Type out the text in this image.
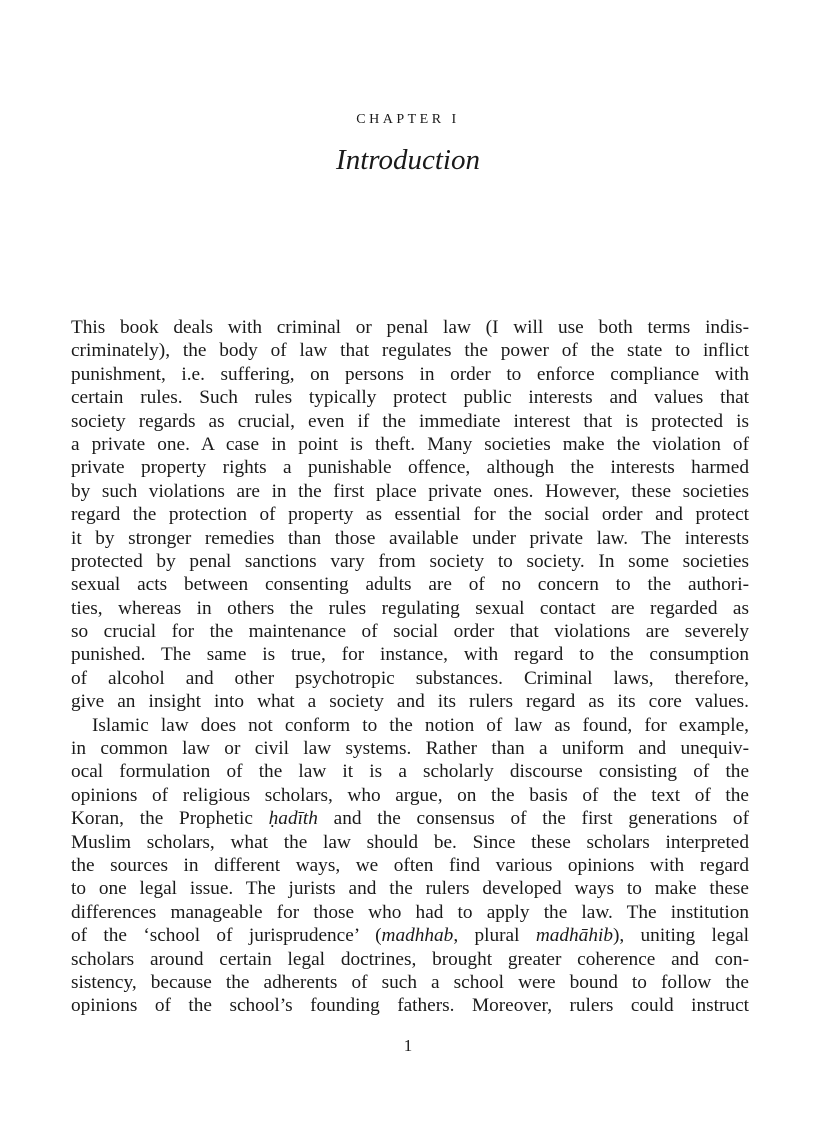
CHAPTER I
Introduction
This book deals with criminal or penal law (I will use both terms indis-
criminately), the body of law that regulates the power of the state to inflict
punishment, i.e. suffering, on persons in order to enforce compliance with
certain rules. Such rules typically protect public interests and values that
society regards as crucial, even if the immediate interest that is protected is
a private one. A case in point is theft. Many societies make the violation of
private property rights a punishable offence, although the interests harmed
by such violations are in the first place private ones. However, these societies
regard the protection of property as essential for the social order and protect
it by stronger remedies than those available under private law. The interests
protected by penal sanctions vary from society to society. In some societies
sexual acts between consenting adults are of no concern to the authori-
ties, whereas in others the rules regulating sexual contact are regarded as
so crucial for the maintenance of social order that violations are severely
punished. The same is true, for instance, with regard to the consumption
of alcohol and other psychotropic substances. Criminal laws, therefore,
give an insight into what a society and its rulers regard as its core values.
Islamic law does not conform to the notion of law as found, for example,
in common law or civil law systems. Rather than a uniform and unequiv-
ocal formulation of the law it is a scholarly discourse consisting of the
opinions of religious scholars, who argue, on the basis of the text of the
Koran, the Prophetic ḥadīth and the consensus of the first generations of
Muslim scholars, what the law should be. Since these scholars interpreted
the sources in different ways, we often find various opinions with regard
to one legal issue. The jurists and the rulers developed ways to make these
differences manageable for those who had to apply the law. The institution
of the ‘school of jurisprudence’ (madhhab, plural madhāhib), uniting legal
scholars around certain legal doctrines, brought greater coherence and con-
sistency, because the adherents of such a school were bound to follow the
opinions of the school’s founding fathers. Moreover, rulers could instruct
1
